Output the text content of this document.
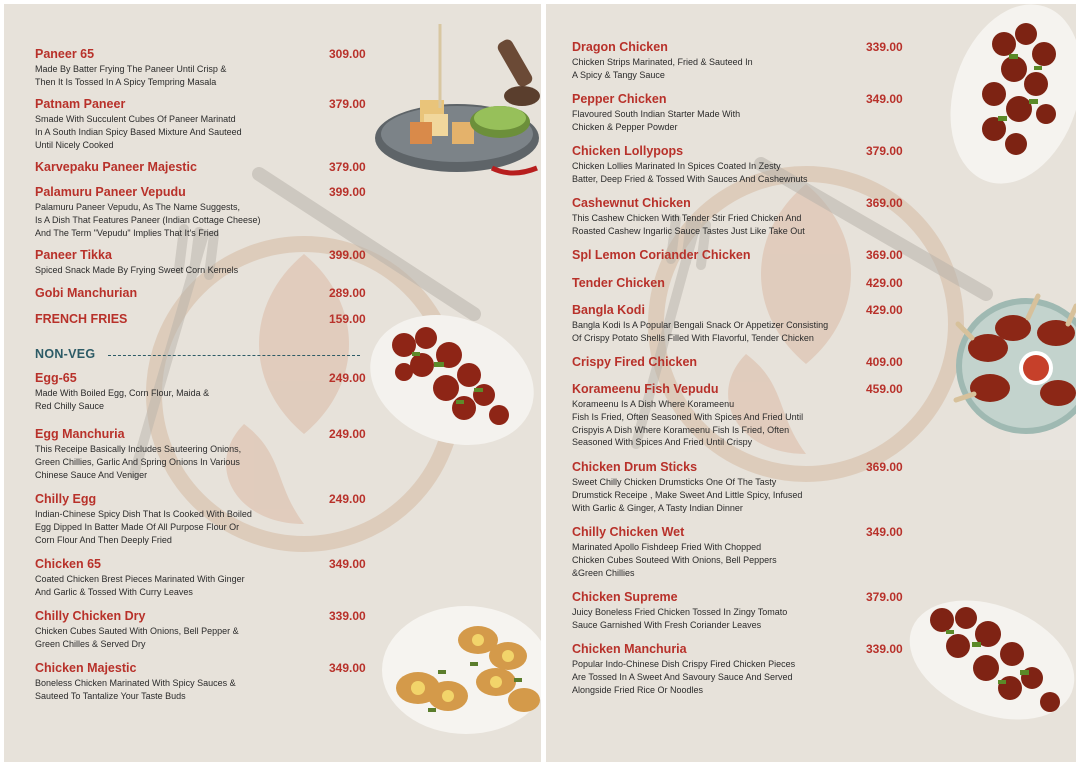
Paneer 65	309.00
Made By Batter Frying The Paneer Until Crisp &
Then It Is Tossed In A Spicy Tempring Masala
Patnam Paneer	379.00
Smade With Succulent Cubes Of Paneer Marinatd
In A South Indian Spicy Based Mixture And Sauteed
Until Nicely Cooked
Karvepaku Paneer Majestic	379.00
Palamuru Paneer Vepudu	399.00
Palamuru Paneer Vepudu, As The Name Suggests,
Is A Dish That Features Paneer (Indian Cottage Cheese)
And The Term "Vepudu" Implies That It's Fried
Paneer Tikka	399.00
Spiced Snack Made By Frying Sweet Corn Kernels
Gobi Manchurian	289.00
FRENCH FRIES	159.00
NON-VEG
Egg-65	249.00
Made With Boiled Egg, Corn Flour, Maida &
Red Chilly Sauce
Egg Manchuria	249.00
This Receipe Basically Includes Sauteering Onions,
Green Chillies, Garlic And Spring Onions In Various
Chinese Sauce And Veniger
Chilly Egg	249.00
Indian-Chinese Spicy Dish That Is Cooked With Boiled
Egg Dipped In Batter Made Of All Purpose Flour Or
Corn Flour And Then Deeply Fried
Chicken 65	349.00
Coated Chicken Brest Pieces Marinated With Ginger
And Garlic & Tossed With Curry Leaves
Chilly Chicken Dry	339.00
Chicken Cubes Sauted With Onions, Bell Pepper &
Green Chilles & Served Dry
Chicken Majestic	349.00
Boneless Chicken Marinated With Spicy Sauces &
Sauteed To Tantalize Your Taste Buds
Dragon Chicken	339.00
Chicken Strips Marinated, Fried & Sauteed In
A Spicy & Tangy Sauce
Pepper Chicken	349.00
Flavoured South Indian Starter Made With
Chicken & Pepper Powder
Chicken Lollypops	379.00
Chicken Lollies Marinated In Spices Coated In Zesty
Batter, Deep Fried & Tossed With Sauces And Cashewnuts
Cashewnut Chicken	369.00
This Cashew Chicken With Tender Stir Fried Chicken And
Roasted Cashew Ingarlic Sauce Tastes Just Like Take Out
Spl Lemon Coriander Chicken	369.00
Tender Chicken	429.00
Bangla Kodi	429.00
Bangla Kodi Is A Popular Bengali Snack Or Appetizer Consisting
Of Crispy Potato Shells Filled With Flavorful, Tender Chicken
Crispy Fired Chicken	409.00
Korameenu Fish Vepudu	459.00
Korameenu Is A Dish Where Korameenu
Fish Is Fried, Often Seasoned With Spices And Fried Until
Crispyis A Dish Where Korameenu Fish Is Fried, Often
Seasoned With Spices And Fried Until Crispy
Chicken Drum Sticks	369.00
Sweet Chilly Chicken Drumsticks One Of The Tasty
Drumstick Receipe , Make Sweet And Little Spicy, Infused
With Garlic & Ginger, A Tasty Indian Dinner
Chilly Chicken Wet	349.00
Marinated Apollo Fishdeep Fried With Chopped
Chicken Cubes Souteed With Onions, Bell Peppers
&Green Chillies
Chicken Supreme	379.00
Juicy Boneless Fried Chicken Tossed In Zingy Tomato
Sauce Garnished With Fresh Coriander Leaves
Chicken Manchuria	339.00
Popular Indo-Chinese Dish Crispy Fired Chicken Pieces
Are Tossed In A Sweet And Savoury Sauce And Served
Alongside Fried Rice Or Noodles
